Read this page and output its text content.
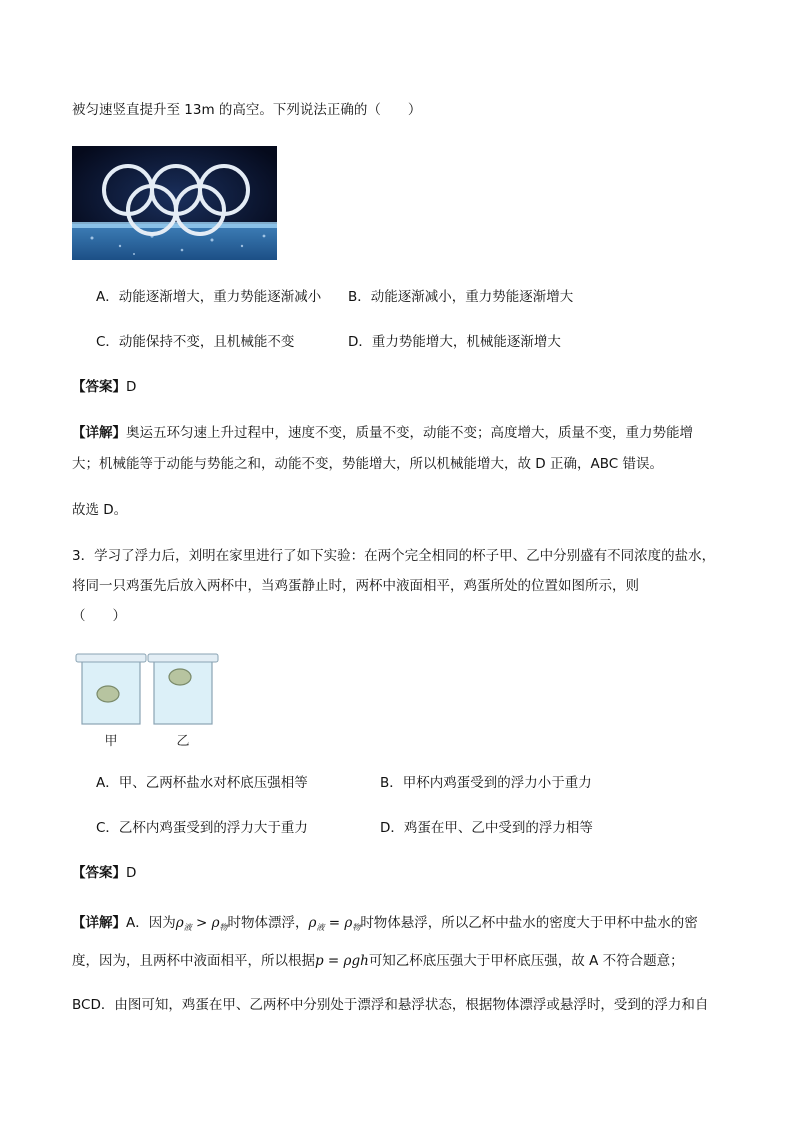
被匀速竖直提升至 13m 的高空。下列说法正确的（　　）
A．动能逐渐增大，重力势能逐渐减小 B．动能逐渐减小，重力势能逐渐增大
C．动能保持不变，且机械能不变	D．重力势能增大，机械能逐渐增大
【答案】D
【详解】奥运五环匀速上升过程中，速度不变，质量不变，动能不变；高度增大，质量不变，重力势能增
大；机械能等于动能与势能之和，动能不变，势能增大，所以机械能增大，故 D 正确，ABC 错误。
故选 D。
3．学习了浮力后，刘明在家里进行了如下实验：在两个完全相同的杯子甲、乙中分别盛有不同浓度的盐水，
将同一只鸡蛋先后放入两杯中，当鸡蛋静止时，两杯中液面相平，鸡蛋所处的位置如图所示，则
（　　）
甲	乙
A．甲、乙两杯盐水对杯底压强相等	B．甲杯内鸡蛋受到的浮力小于重力
C．乙杯内鸡蛋受到的浮力大于重力	D．鸡蛋在甲、乙中受到的浮力相等
【答案】D
【详解】A．因为$\rho_液 > \rho_物$时物体漂浮，$\rho_液 = \rho_物$时物体悬浮，所以乙杯中盐水的密度大于甲杯中盐水的密
度，因为，且两杯中液面相平，所以根据p = ρgh可知乙杯底压强大于甲杯底压强，故 A 不符合题意；
BCD．由图可知，鸡蛋在甲、乙两杯中分别处于漂浮和悬浮状态，根据物体漂浮或悬浮时，受到的浮力和自
